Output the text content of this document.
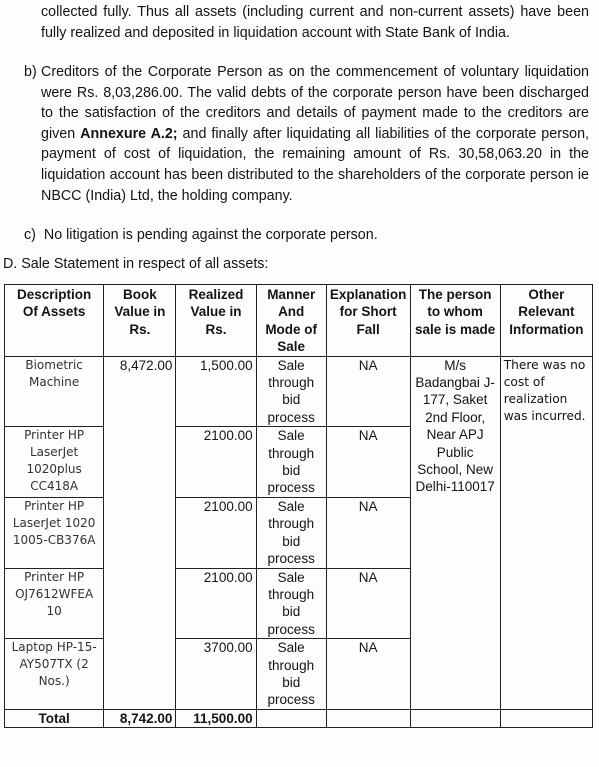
collected fully. Thus all assets (including current and non-current assets) have been fully realized and deposited in liquidation account with State Bank of India.

b) Creditors of the Corporate Person as on the commencement of voluntary liquidation were Rs. 8,03,286.00. The valid debts of the corporate person have been discharged to the satisfaction of the creditors and details of payment made to the creditors are given Annexure A.2; and finally after liquidating all liabilities of the corporate person, payment of cost of liquidation, the remaining amount of Rs. 30,58,063.20 in the liquidation account has been distributed to the shareholders of the corporate person ie NBCC (India) Ltd, the holding company.
c) No litigation is pending against the corporate person.
D. Sale Statement in respect of all assets:
Description Of Assets	Book Value in Rs.	Realized Value in Rs.	Manner And Mode of Sale	Explanation for Short Fall	The person to whom sale is made	Other Relevant Information
Biometric Machine	8,472.00	1,500.00	Sale through bid process	NA	M/s Badangbai J-177, Saket 2nd Floor, Near APJ Public School, New Delhi-110017	There was no cost of realization was incurred.
Printer HP LaserJet 1020plus CC418A		2100.00	Sale through bid process	NA		
Printer HP LaserJet 1020 1005-CB376A		2100.00	Sale through bid process	NA		
Printer HP OJ7612WFEA 10		2100.00	Sale through bid process	NA		
Laptop HP-15-AY507TX (2 Nos.)		3700.00	Sale through bid process	NA		
Total	8,742.00	11,500.00				
